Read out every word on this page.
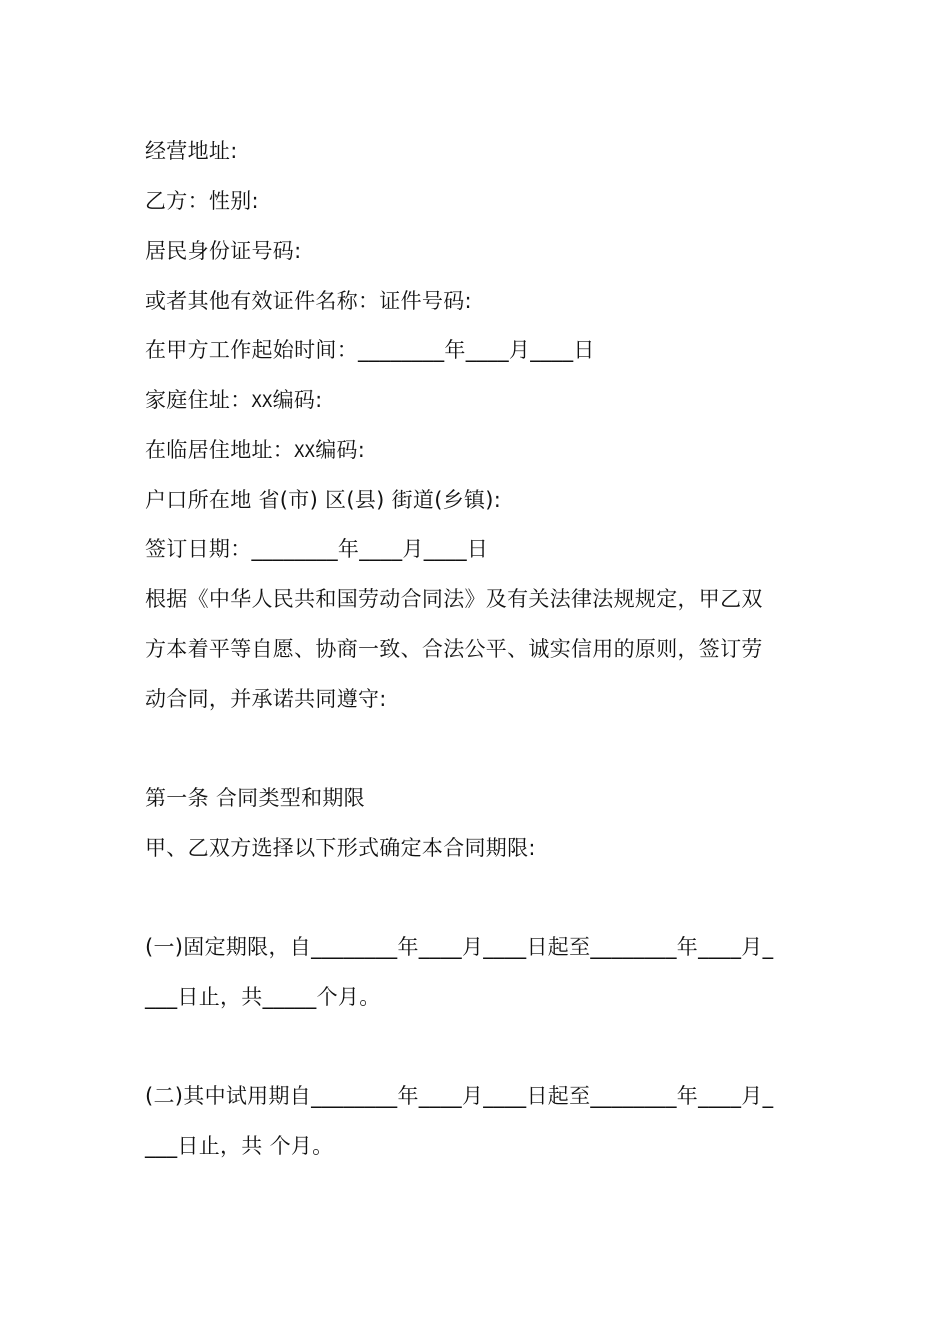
经营地址:
乙方：性别:
居民身份证号码:
或者其他有效证件名称：证件号码:
在甲方工作起始时间：________年____月____日
家庭住址：XX编码:
在临居住地址：XX编码:
户口所在地 省(市) 区(县) 街道(乡镇):
签订日期：________年____月____日
根据《中华人民共和国劳动合同法》及有关法律法规规定，甲乙双
方本着平等自愿、协商一致、合法公平、诚实信用的原则，签订劳
动合同，并承诺共同遵守:
第一条 合同类型和期限
甲、乙双方选择以下形式确定本合同期限:
(一)固定期限，自________年____月____日起至________年____月_
___日止，共_____个月。
(二)其中试用期自________年____月____日起至________年____月_
___日止，共 个月。
